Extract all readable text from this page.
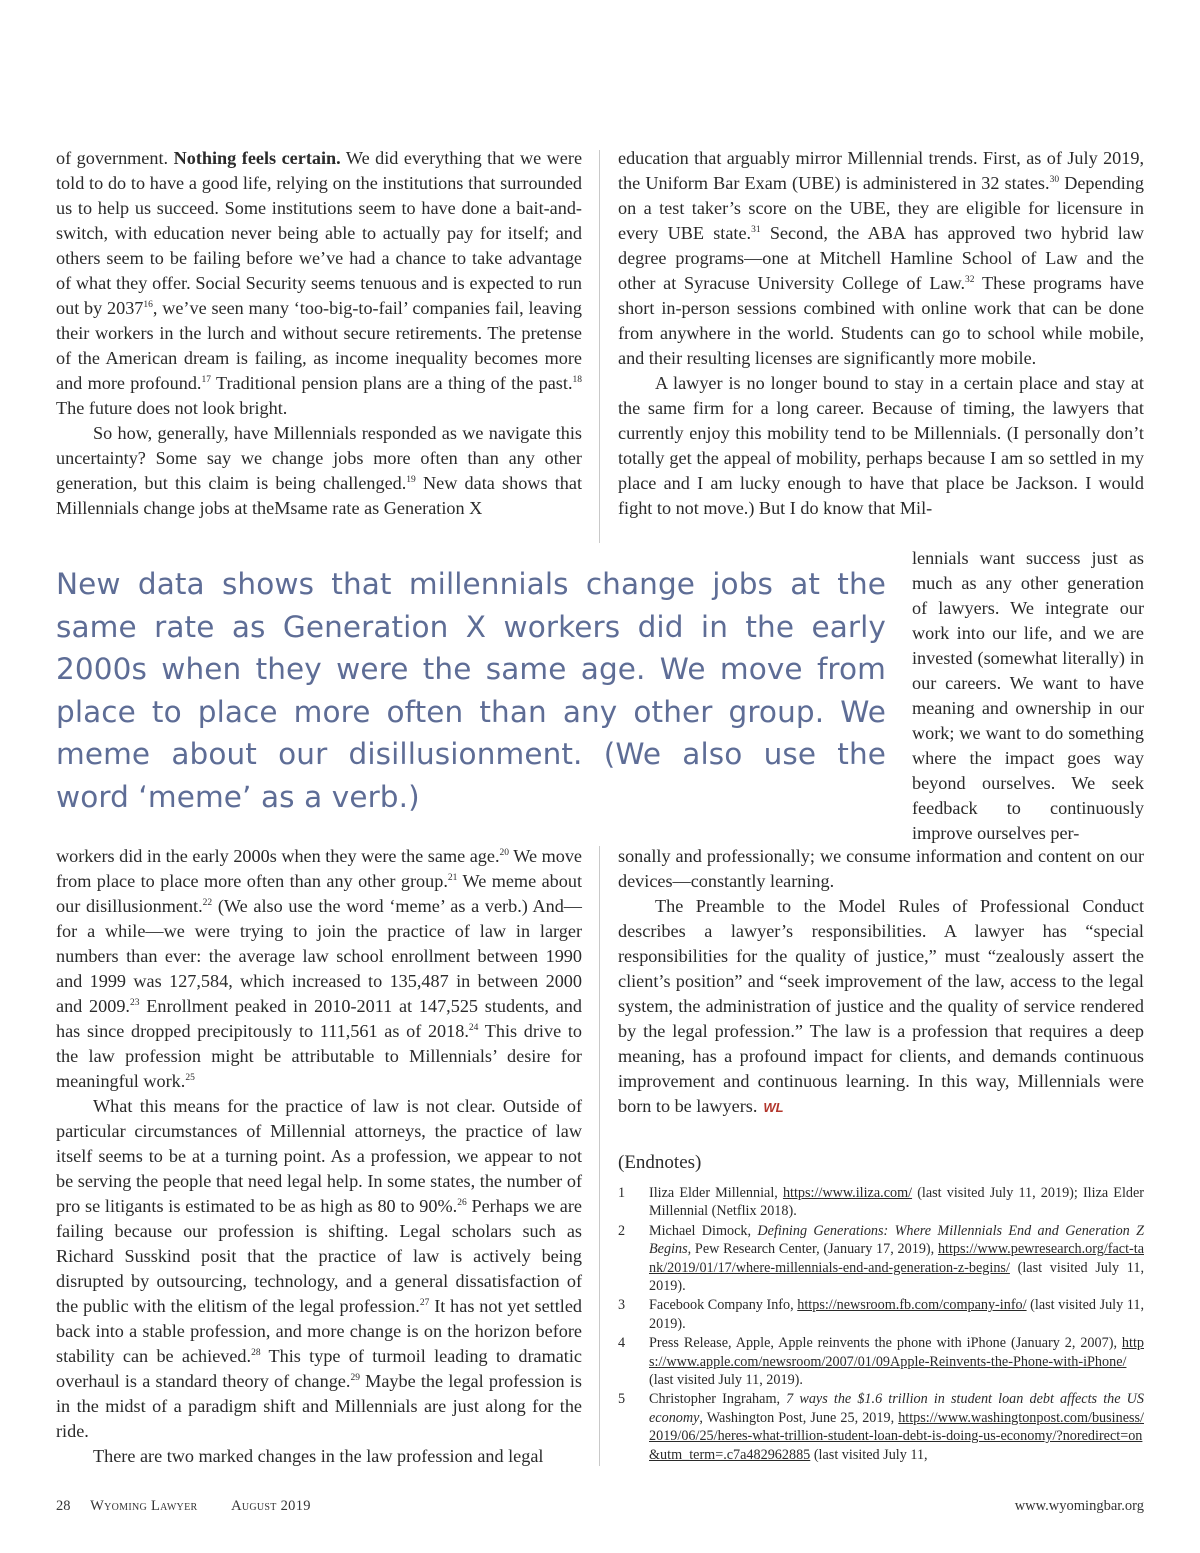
of government. Nothing feels certain. We did everything that we were told to do to have a good life, relying on the institutions that surrounded us to help us succeed. Some institutions seem to have done a bait-and-switch, with education never being able to actually pay for itself; and others seem to be failing before we’ve had a chance to take advantage of what they offer. Social Security seems tenuous and is expected to run out by 2037$^{16}$, we’ve seen many ‘too-big-to-fail’ companies fail, leaving their workers in the lurch and without secure retirements. The pretense of the American dream is failing, as income inequality becomes more and more profound.$^{17}$ Traditional pension plans are a thing of the past.$^{18}$ The future does not look bright.

So how, generally, have Millennials responded as we navigate this uncertainty? Some say we change jobs more often than any other generation, but this claim is being challenged.$^{19}$ New data shows that Millennials change jobs at theMsame rate as Generation X

New data shows that millennials change jobs at the same rate as Generation X workers did in the early 2000s when they were the same age. We move from place to place more often than any other group. We meme about our disillusionment. (We also use the word ‘meme’ as a verb.)

lennials want success just as much as any other generation of lawyers. We integrate our work into our life, and we are invested (somewhat literally) in our careers. We want to have meaning and ownership in our work; we want to do something where the impact goes way beyond ourselves. We seek feedback to continuously improve ourselves per-

education that arguably mirror Millennial trends. First, as of July 2019, the Uniform Bar Exam (UBE) is administered in 32 states.$^{30}$ Depending on a test taker’s score on the UBE, they are eligible for licensure in every UBE state.$^{31}$ Second, the ABA has approved two hybrid law degree programs—one at Mitchell Hamline School of Law and the other at Syracuse University College of Law.$^{32}$ These programs have short in-person sessions combined with online work that can be done from anywhere in the world. Students can go to school while mobile, and their resulting licenses are significantly more mobile.

A lawyer is no longer bound to stay in a certain place and stay at the same firm for a long career. Because of timing, the lawyers that currently enjoy this mobility tend to be Millennials. (I personally don’t totally get the appeal of mobility, perhaps because I am so settled in my place and I am lucky enough to have that place be Jackson. I would fight to not move.) But I do know that Mil-

workers did in the early 2000s when they were the same age.$^{20}$ We move from place to place more often than any other group.$^{21}$ We meme about our disillusionment.$^{22}$ (We also use the word ‘meme’ as a verb.) And—for a while—we were trying to join the practice of law in larger numbers than ever: the average law school enrollment between 1990 and 1999 was 127,584, which increased to 135,487 in between 2000 and 2009.23 Enrollment peaked in 2010-2011 at 147,525 students, and has since dropped precipitously to 111,561 as of 2018.24 This drive to the law profession might be attributable to Millennials’ desire for meaningful work.$^{25}$

What this means for the practice of law is not clear. Outside of particular circumstances of Millennial attorneys, the practice of law itself seems to be at a turning point. As a profession, we appear to not be serving the people that need legal help. In some states, the number of pro se litigants is estimated to be as high as 80 to 90%.$^{26}$ Perhaps we are failing because our profession is shifting. Legal scholars such as Richard Susskind posit that the practice of law is actively being disrupted by outsourcing, technology, and a general dissatisfaction of the public with the elitism of the legal profession.$^{27}$ It has not yet settled back into a stable profession, and more change is on the horizon before stability can be achieved.$^{28}$ This type of turmoil leading to dramatic overhaul is a standard theory of change.$^{29}$ Maybe the legal profession is in the midst of a paradigm shift and Millennials are just along for the ride.

There are two marked changes in the law profession and legal

sonally and professionally; we consume information and content on our devices—constantly learning.

The Preamble to the Model Rules of Professional Conduct describes a lawyer’s responsibilities. A lawyer has “special responsibilities for the quality of justice,” must “zealously assert the client’s position” and “seek improvement of the law, access to the legal system, the administration of justice and the quality of service rendered by the legal profession.” The law is a profession that requires a deep meaning, has a profound impact for clients, and demands continuous improvement and continuous learning. In this way, Millennials were born to be lawyers. WL

(Endnotes)
1 Iliza Elder Millennial, https://www.iliza.com/ (last visited July 11, 2019); Iliza Elder Millennial (Netflix 2018).
2 Michael Dimock, Defining Generations: Where Millennials End and Generation Z Begins, Pew Research Center, (January 17, 2019), https://www.pewresearch.org/fact-tank/2019/01/17/where-millennials-end-and-generation-z-begins/ (last visited July 11, 2019).
3 Facebook Company Info, https://newsroom.fb.com/company-info/ (last visited July 11, 2019).
4 Press Release, Apple, Apple reinvents the phone with iPhone (January 2, 2007), https://www.apple.com/newsroom/2007/01/09Apple-Reinvents-the-Phone-with-iPhone/ (last visited July 11, 2019).
5 Christopher Ingraham, 7 ways the $1.6 trillion in student loan debt affects the US economy, Washington Post, June 25, 2019, https://www.washingtonpost.com/business/2019/06/25/heres-what-trillion-student-loan-debt-is-doing-us-economy/?noredirect=on&utm_term=.c7a482962885 (last visited July 11,
28 Wyoming Lawyer August 2019	www.wyomingbar.org
